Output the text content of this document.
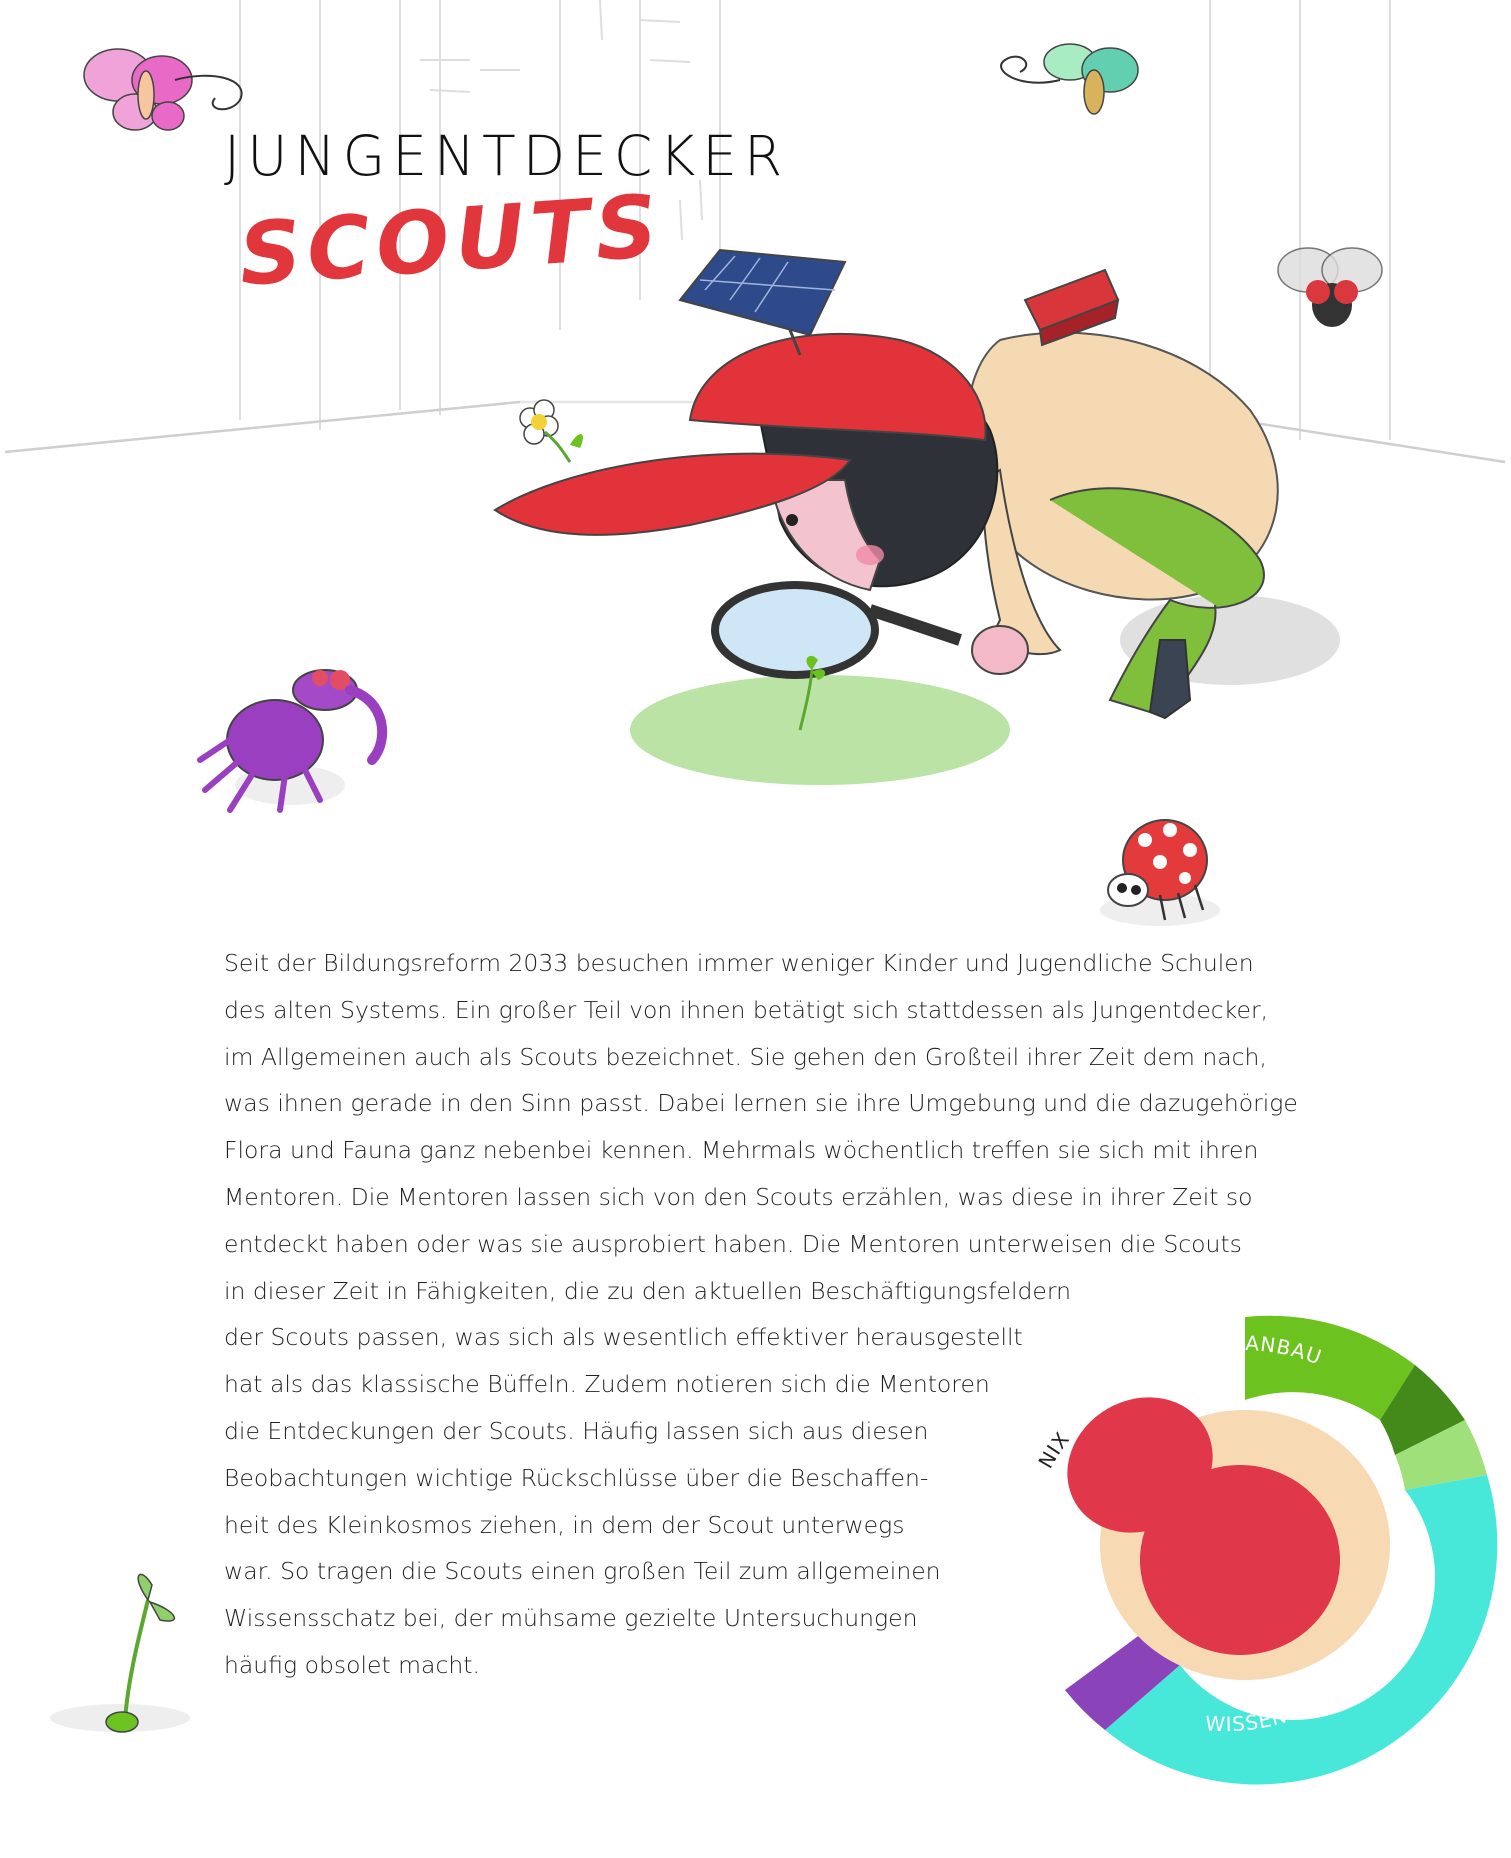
JUNGENTDECKER
SCOUTS
Seit der Bildungsreform 2033 besuchen immer weniger Kinder und Jugendliche Schulen
des alten Systems. Ein großer Teil von ihnen betätigt sich stattdessen als Jungentdecker,
im Allgemeinen auch als Scouts bezeichnet. Sie gehen den Großteil ihrer Zeit dem nach,
was ihnen gerade in den Sinn passt. Dabei lernen sie ihre Umgebung und die dazugehörige
Flora und Fauna ganz nebenbei kennen. Mehrmals wöchentlich treffen sie sich mit ihren
Mentoren. Die Mentoren lassen sich von den Scouts erzählen, was diese in ihrer Zeit so
entdeckt haben oder was sie ausprobiert haben. Die Mentoren unterweisen die Scouts
in dieser Zeit in Fähigkeiten, die zu den aktuellen Beschäftigungsfeldern
der Scouts passen, was sich als wesentlich effektiver herausgestellt
hat als das klassische Büffeln. Zudem notieren sich die Mentoren
die Entdeckungen der Scouts. Häufig lassen sich aus diesen
Beobachtungen wichtige Rückschlüsse über die Beschaffen-
heit des Kleinkosmos ziehen, in dem der Scout unterwegs
war. So tragen die Scouts einen großen Teil zum allgemeinen
Wissensschatz bei, der mühsame gezielte Untersuchungen
häufig obsolet macht.
ANBAU
WISSEN
NIX
